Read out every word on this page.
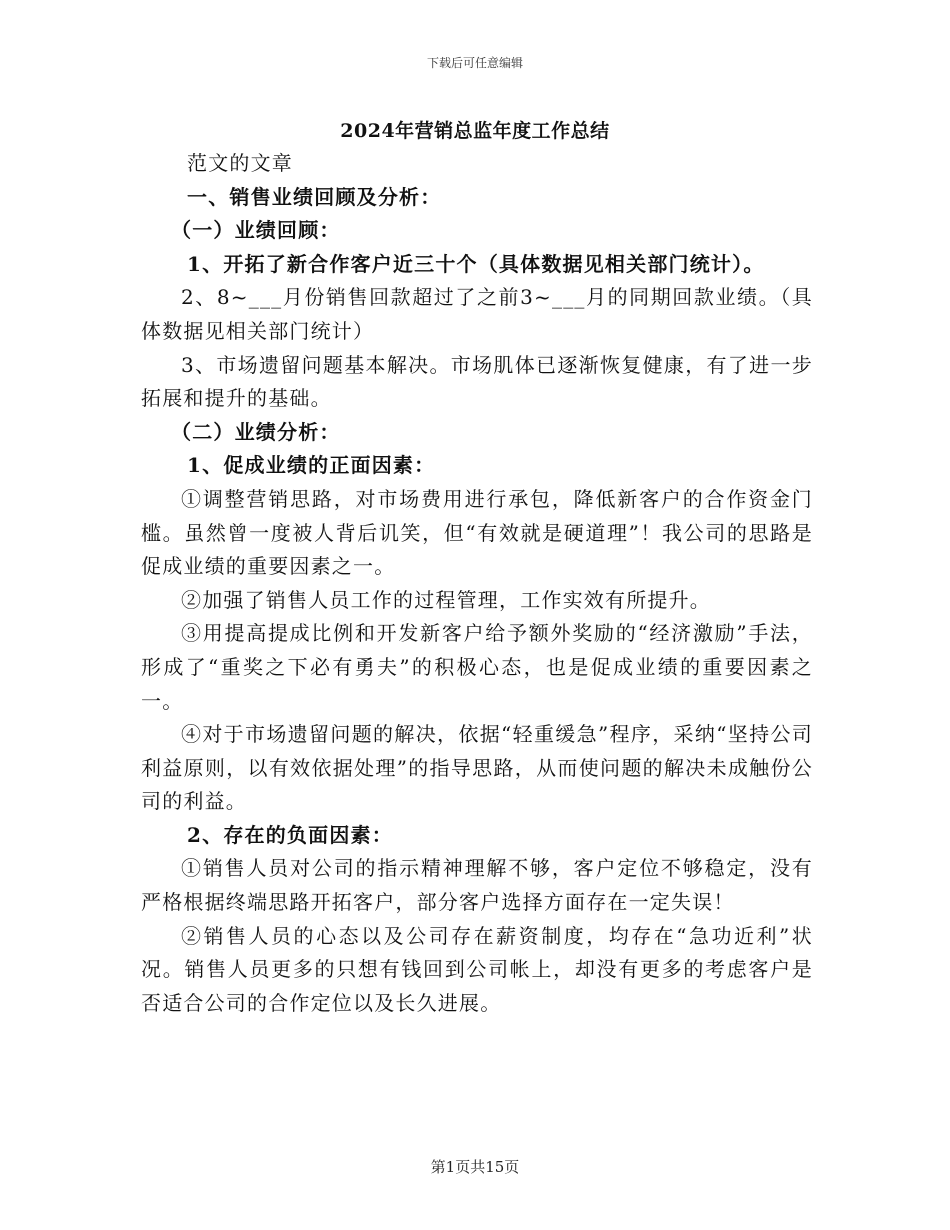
下载后可任意编辑
2024年营销总监年度工作总结
范文的文章
一、销售业绩回顾及分析：
（一）业绩回顾：
1、开拓了新合作客户近三十个（具体数据见相关部门统计）。

2、8~___月份销售回款超过了之前3~___月的同期回款业绩。（具体数据见相关部门统计）

3、市场遗留问题基本解决。市场肌体已逐渐恢复健康，有了进一步拓展和提升的基础。

（二）业绩分析：
1、促成业绩的正面因素：

①调整营销思路，对市场费用进行承包，降低新客户的合作资金门槛。虽然曾一度被人背后讥笑，但“有效就是硬道理”！我公司的思路是促成业绩的重要因素之一。

②加强了销售人员工作的过程管理，工作实效有所提升。

③用提高提成比例和开发新客户给予额外奖励的“经济激励”手法，形成了“重奖之下必有勇夫”的积极心态，也是促成业绩的重要因素之一。

④对于市场遗留问题的解决，依据“轻重缓急”程序，采纳“坚持公司利益原则，以有效依据处理”的指导思路，从而使问题的解决未成触份公司的利益。

2、存在的负面因素：

①销售人员对公司的指示精神理解不够，客户定位不够稳定，没有严格根据终端思路开拓客户，部分客户选择方面存在一定失误！

②销售人员的心态以及公司存在薪资制度，均存在“急功近利”状况。销售人员更多的只想有钱回到公司帐上，却没有更多的考虑客户是否适合公司的合作定位以及长久进展。

第1页共15页
